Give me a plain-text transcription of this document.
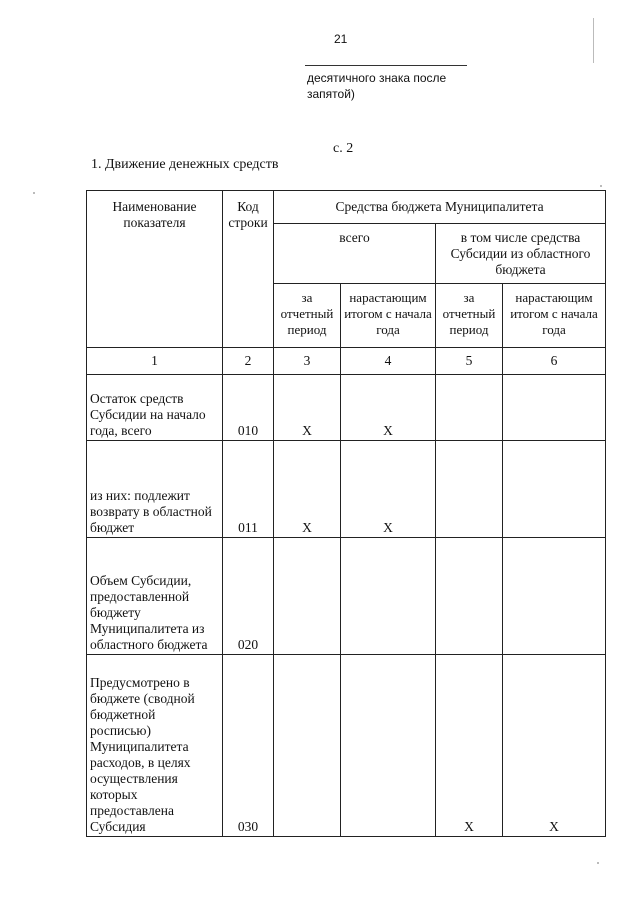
21
десятичного знака после запятой)
с. 2
1. Движение денежных средств
Наименование показателя	Код строки	Средства бюджета Муниципалитета			
		всего		в том числе средства Субсидии из областного бюджета	
		за отчетный период	нарастающим итогом с начала года	за отчетный период	нарастающим итогом с начала года
1	2	3	4	5	6
Остаток средств Субсидии на начало года, всего	010	X	X		
из них: подлежит возврату в областной бюджет	011	X	X		
Объем Субсидии, предоставленной бюджету Муниципалитета из областного бюджета	020				
Предусмотрено в бюджете (сводной бюджетной росписью) Муниципалитета расходов, в целях осуществления которых предоставлена Субсидия	030			X	X
